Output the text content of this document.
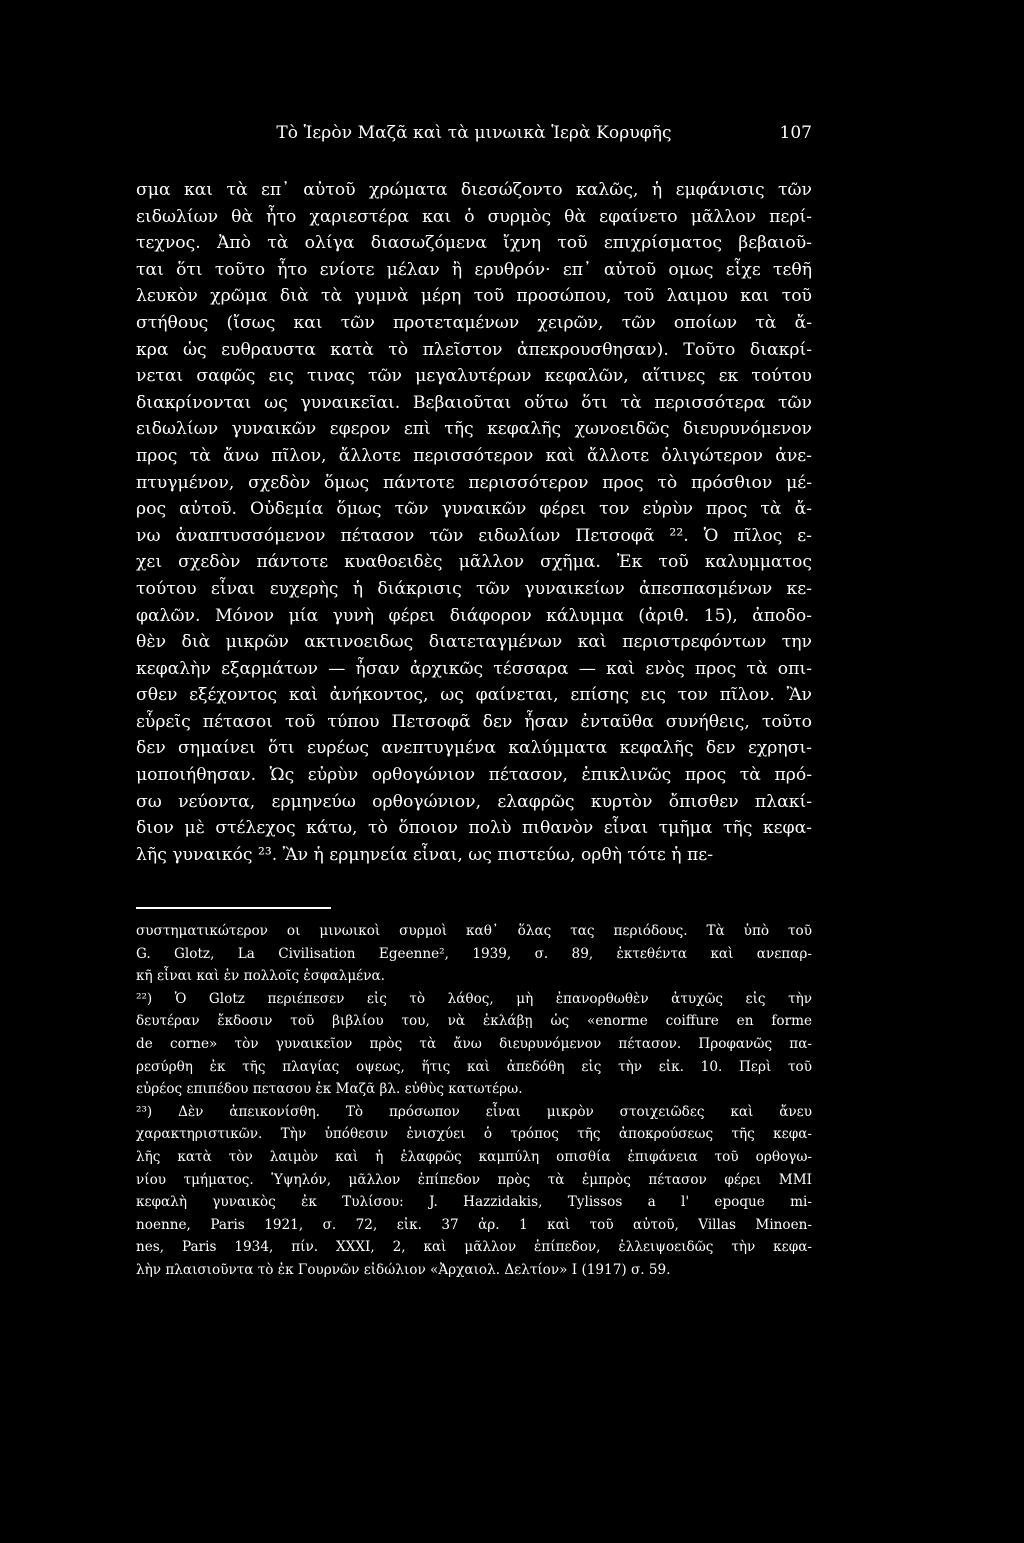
Τὸ Ἱερὸν Μαζᾶ καὶ τὰ μινωικὰ Ἱερὰ Κορυφῆς	107
σμα και τὰ επ᾿ αὐτοῦ χρώματα διεσώζοντο καλῶς, ἡ εμφάνισις τῶν
ειδωλίων θὰ ἦτο χαριεστέρα και ὁ συρμὸς θὰ εφαίνετο μᾶλλον περί-
τεχνος. Ἀπὸ τὰ ολίγα διασωζόμενα ἴχνη τοῦ επιχρίσματος βεβαιοῦ-
ται ὅτι τοῦτο ἦτο ενίοτε μέλαν ἢ ερυθρόν· επ᾿ αὐτοῦ ομως εἶχε τεθῆ
λευκὸν χρῶμα διὰ τὰ γυμνὰ μέρη τοῦ προσώπου, τοῦ λαιμου και τοῦ
στήθους (ἴσως και τῶν προτεταμένων χειρῶν, τῶν οποίων τὰ ἄ-
κρα ὡς ευθραυστα κατὰ τὸ πλεῖστον ἀπεκρουσθησαν). Τοῦτο διακρί-
νεται σαφῶς εις τινας τῶν μεγαλυτέρων κεφαλῶν, αἵτινες εκ τούτου
διακρίνονται ως γυναικεῖαι. Βεβαιοῦται οὕτω ὅτι τὰ περισσότερα τῶν
ειδωλίων γυναικῶν εφερον επὶ τῆς κεφαλῆς χωνοειδῶς διευρυνόμενον
προς τὰ ἄνω πῖλον, ἄλλοτε περισσότερον καὶ ἄλλοτε ὀλιγώτερον ἀνε-
πτυγμένον, σχεδὸν ὅμως πάντοτε περισσότερον προς τὸ πρόσθιον μέ-
ρος αὐτοῦ. Οὐδεμία ὅμως τῶν γυναικῶν φέρει τον εὐρὺν προς τὰ ἄ-
νω ἀναπτυσσόμενον πέτασον τῶν ειδωλίων Πετσοφᾶ ²². Ὁ πῖλος ε-
χει σχεδὸν πάντοτε κυαθοειδὲς μᾶλλον σχῆμα. Ἐκ τοῦ καλυμματος
τούτου εἶναι ευχερὴς ἡ διάκρισις τῶν γυναικείων ἀπεσπασμένων κε-
φαλῶν. Μόνον μία γυνὴ φέρει διάφορον κάλυμμα (ἀριθ. 15), ἀποδο-
θὲν διὰ μικρῶν ακτινοειδως διατεταγμένων καὶ περιστρεφόντων την
κεφαλὴν εξαρμάτων — ἦσαν ἀρχικῶς τέσσαρα — καὶ ενὸς προς τὰ οπι-
σθεν εξέχοντος καὶ ἀνήκοντος, ως φαίνεται, επίσης εις τον πῖλον. Ἂν
εὗρεῖς πέτασοι τοῦ τύπου Πετσοφᾶ δεν ἦσαν ἐνταῦθα συνήθεις, τοῦτο
δεν σημαίνει ὅτι ευρέως ανεπτυγμένα καλύμματα κεφαλῆς δεν εχρησι-
μοποιήθησαν. Ὡς εὐρὺν ορθογώνιον πέτασον, ἐπικλινῶς προς τὰ πρό-
σω νεύοντα, ερμηνεύω ορθογώνιον, ελαφρῶς κυρτὸν ὄπισθεν πλακί-
διον μὲ στέλεχος κάτω, τὸ ὅποιον πολὺ πιθανὸν εἶναι τμῆμα τῆς κεφα-
λῆς γυναικός ²³. Ἂν ἡ ερμηνεία εἶναι, ως πιστεύω, ορθὴ τότε ἡ πε-
συστηματικώτερον οι μινωικοὶ συρμοὶ καθ᾿ ὅλας τας περιόδους. Τὰ ὑπὸ τοῦ
G. Glotz, La Civilisation Egeenne², 1939, σ. 89, ἐκτεθέντα καὶ ανεπαρ-
κῆ εἶναι καὶ ἐν πολλοῖς ἐσφαλμένα.
²²) Ὁ Glotz περιέπεσεν εἰς τὸ λάθος, μὴ ἐπανορθωθὲν ἀτυχῶς εἰς τὴν
δευτέραν ἔκδοσιν τοῦ βιβλίου του, νὰ ἐκλάβῃ ὡς «enorme coiffure en forme
de corne» τὸν γυναικεῖον πρὸς τὰ ἄνω διευρυνόμενον πέτασον. Προφανῶς πα-
ρεσύρθη ἐκ τῆς πλαγίας οψεως, ἥτις καὶ ἀπεδόθη εἰς τὴν εἰκ. 10. Περὶ τοῦ
εὐρέος επιπέδου πετασου ἐκ Μαζᾶ βλ. εὐθὺς κατωτέρω.
²³) Δὲν ἀπεικονίσθη. Τὸ πρόσωπον εἶναι μικρὸν στοιχειῶδες καὶ ἄνευ
χαρακτηριστικῶν. Τὴν ὑπόθεσιν ἐνισχύει ὁ τρόπος τῆς ἀποκρούσεως τῆς κεφα-
λῆς κατὰ τὸν λαιμὸν καὶ ἡ ἐλαφρῶς καμπύλη οπισθία ἐπιφάνεια τοῦ ορθογω-
νίου τμήματος. Ὑψηλόν, μᾶλλον ἐπίπεδον πρὸς τὰ ἐμπρὸς πέτασον φέρει MMI
κεφαλὴ γυναικὸς ἐκ Τυλίσου: J. Hazzidakis, Tylissos a l' epoque mi-
noenne, Paris 1921, σ. 72, εἰκ. 37 ἀρ. 1 καὶ τοῦ αὐτοῦ, Villas Minoen-
nes, Paris 1934, πίν. XXXI, 2, καὶ μᾶλλον ἐπίπεδον, ἐλλειψοειδῶς τὴν κεφα-
λὴν πλαισιοῦντα τὸ ἐκ Γουρνῶν εἰδώλιον «Ἀρχαιολ. Δελτίον» I (1917) σ. 59.
